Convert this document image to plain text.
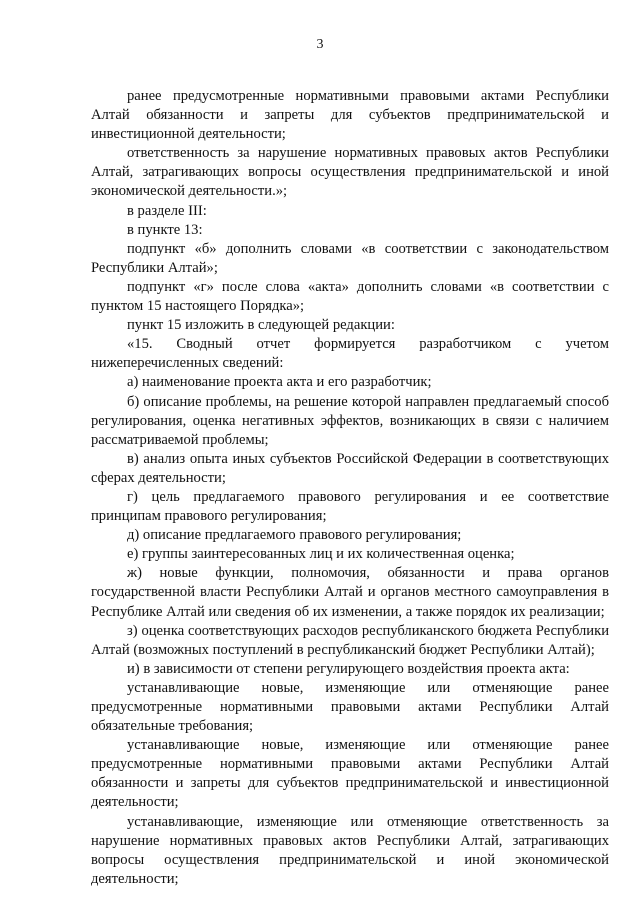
3

ранее предусмотренные нормативными правовыми актами Республики Алтай обязанности и запреты для субъектов предпринимательской и инвестиционной деятельности;

ответственность за нарушение нормативных правовых актов Республики Алтай, затрагивающих вопросы осуществления предпринимательской и иной экономической деятельности.»;

в разделе III:

в пункте 13:

подпункт «б» дополнить словами «в соответствии с законодательством Республики Алтай»;

подпункт «г» после слова «акта» дополнить словами «в соответствии с пунктом 15 настоящего Порядка»;

пункт 15 изложить в следующей редакции:

«15. Сводный отчет формируется разработчиком с учетом нижеперечисленных сведений:

а) наименование проекта акта и его разработчик;

б) описание проблемы, на решение которой направлен предлагаемый способ регулирования, оценка негативных эффектов, возникающих в связи с наличием рассматриваемой проблемы;

в) анализ опыта иных субъектов Российской Федерации в соответствующих сферах деятельности;

г) цель предлагаемого правового регулирования и ее соответствие принципам правового регулирования;

д) описание предлагаемого правового регулирования;

е) группы заинтересованных лиц и их количественная оценка;

ж) новые функции, полномочия, обязанности и права органов государственной власти Республики Алтай и органов местного самоуправления в Республике Алтай или сведения об их изменении, а также порядок их реализации;

з) оценка соответствующих расходов республиканского бюджета Республики Алтай (возможных поступлений в республиканский бюджет Республики Алтай);

и) в зависимости от степени регулирующего воздействия проекта акта:

устанавливающие новые, изменяющие или отменяющие ранее предусмотренные нормативными правовыми актами Республики Алтай обязательные требования;

устанавливающие новые, изменяющие или отменяющие ранее предусмотренные нормативными правовыми актами Республики Алтай обязанности и запреты для субъектов предпринимательской и инвестиционной деятельности;

устанавливающие, изменяющие или отменяющие ответственность за нарушение нормативных правовых актов Республики Алтай, затрагивающих вопросы осуществления предпринимательской и иной экономической деятельности;
